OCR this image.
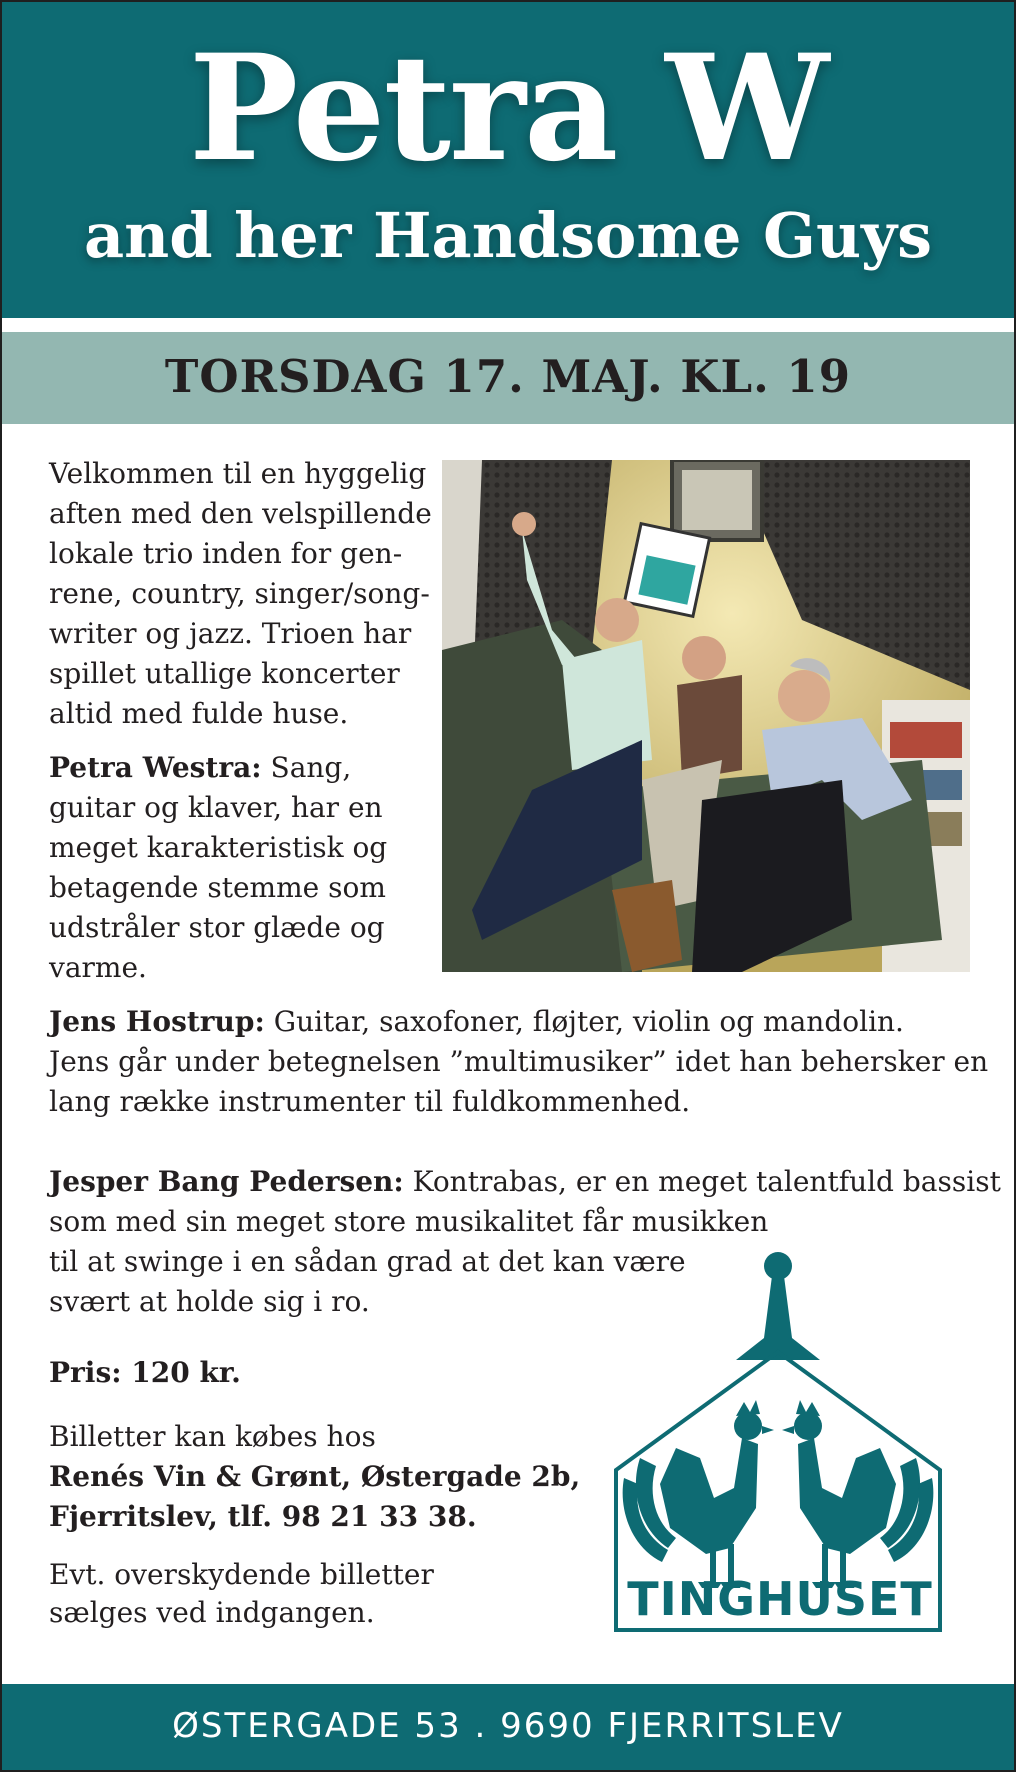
Petra W
and her Handsome Guys
TORSDAG 17. MAJ. KL. 19
Velkommen til en hyggelig
aften med den velspillende
lokale trio inden for gen-
rene, country, singer/song-
writer og jazz. Trioen har
spillet utallige koncerter
altid med fulde huse.
Petra Westra: Sang,
guitar og klaver, har en
meget karakteristisk og
betagende stemme som
udstråler stor glæde og
varme.
Jens Hostrup: Guitar, saxofoner, fløjter, violin og mandolin.
Jens går under betegnelsen ”multimusiker” idet han behersker en
lang række instrumenter til fuldkommenhed.
Jesper Bang Pedersen: Kontrabas, er en meget talentfuld bassist
som med sin meget store musikalitet får musikken
til at swinge i en sådan grad at det kan være
svært at holde sig i ro.
Pris: 120 kr.
Billetter kan købes hos
Renés Vin & Grønt, Østergade 2b,
Fjerritslev, tlf. 98 21 33 38.
Evt. overskydende billetter
sælges ved indgangen.	TINGHUSET
ØSTERGADE 53 . 9690 FJERRITSLEV
